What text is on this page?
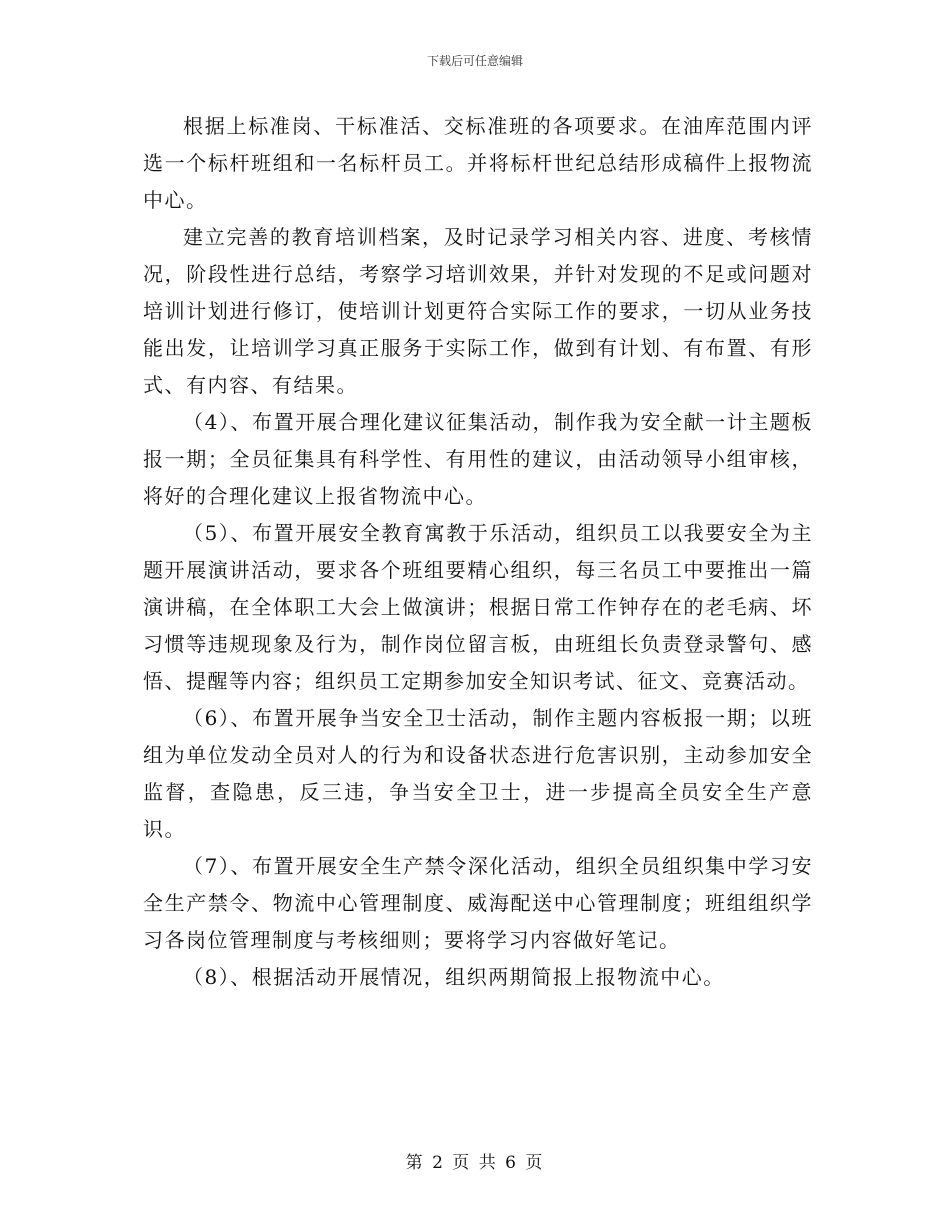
下载后可任意编辑

根据上标准岗、干标准活、交标准班的各项要求。在油库范围内评选一个标杆班组和一名标杆员工。并将标杆世纪总结形成稿件上报物流中心。

建立完善的教育培训档案，及时记录学习相关内容、进度、考核情况，阶段性进行总结，考察学习培训效果，并针对发现的不足或问题对培训计划进行修订，使培训计划更符合实际工作的要求，一切从业务技能出发，让培训学习真正服务于实际工作，做到有计划、有布置、有形式、有内容、有结果。

（4）、布置开展合理化建议征集活动，制作我为安全献一计主题板报一期；全员征集具有科学性、有用性的建议，由活动领导小组审核，将好的合理化建议上报省物流中心。

（5）、布置开展安全教育寓教于乐活动，组织员工以我要安全为主题开展演讲活动，要求各个班组要精心组织，每三名员工中要推出一篇演讲稿，在全体职工大会上做演讲；根据日常工作钟存在的老毛病、坏习惯等违规现象及行为，制作岗位留言板，由班组长负责登录警句、感悟、提醒等内容；组织员工定期参加安全知识考试、征文、竞赛活动。

（6）、布置开展争当安全卫士活动，制作主题内容板报一期；以班组为单位发动全员对人的行为和设备状态进行危害识别，主动参加安全监督，查隐患，反三违，争当安全卫士，进一步提高全员安全生产意识。

（7）、布置开展安全生产禁令深化活动，组织全员组织集中学习安全生产禁令、物流中心管理制度、威海配送中心管理制度；班组组织学习各岗位管理制度与考核细则；要将学习内容做好笔记。

（8）、根据活动开展情况，组织两期简报上报物流中心。

第 2 页 共 6 页
